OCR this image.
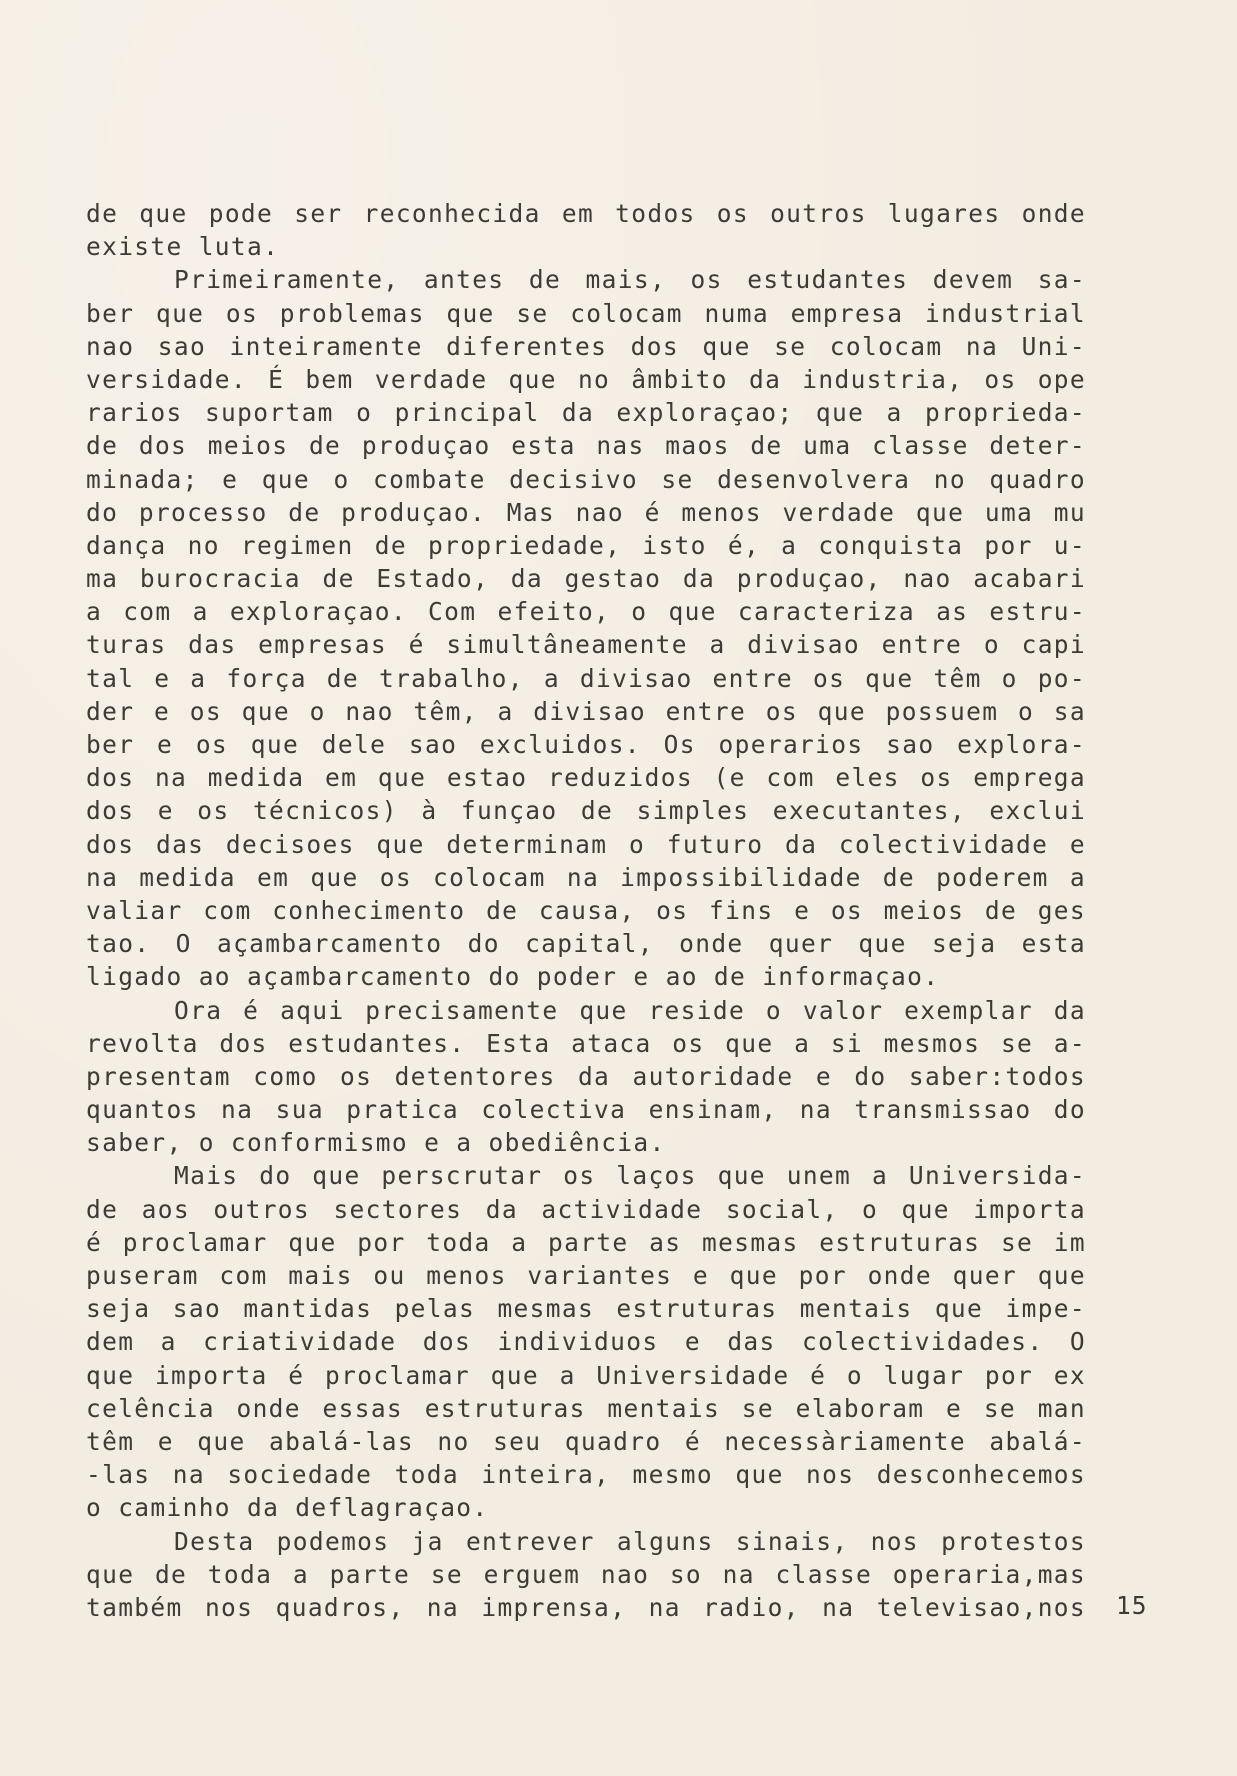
de que pode ser reconhecida em todos os outros lugares onde
existe luta.
Primeiramente, antes de mais, os estudantes devem sa-
ber que os problemas que se colocam numa empresa industrial
nao sao inteiramente diferentes dos que se colocam na Uni-
versidade. É bem verdade que no âmbito da industria, os ope
rarios suportam o principal da exploraçao; que a proprieda-
de dos meios de produçao esta nas maos de uma classe deter-
minada; e que o combate decisivo se desenvolvera no quadro
do processo de produçao. Mas nao é menos verdade que uma mu
dança no regimen de propriedade, isto é, a conquista por u-
ma burocracia de Estado, da gestao da produçao, nao acabari
a com a exploraçao. Com efeito, o que caracteriza as estru-
turas das empresas é simultâneamente a divisao entre o capi
tal e a força de trabalho, a divisao entre os que têm o po-
der e os que o nao têm, a divisao entre os que possuem o sa
ber e os que dele sao excluidos. Os operarios sao explora-
dos na medida em que estao reduzidos (e com eles os emprega
dos e os técnicos) à funçao de simples executantes, exclui
dos das decisoes que determinam o futuro da colectividade e
na medida em que os colocam na impossibilidade de poderem a
valiar com conhecimento de causa, os fins e os meios de ges
tao. O açambarcamento do capital, onde quer que seja esta
ligado ao açambarcamento do poder e ao de informaçao.
Ora é aqui precisamente que reside o valor exemplar da
revolta dos estudantes. Esta ataca os que a si mesmos se a-
presentam como os detentores da autoridade e do saber:todos
quantos na sua pratica colectiva ensinam, na transmissao do
saber, o conformismo e a obediência.
Mais do que perscrutar os laços que unem a Universida-
de aos outros sectores da actividade social, o que importa
é proclamar que por toda a parte as mesmas estruturas se im
puseram com mais ou menos variantes e que por onde quer que
seja sao mantidas pelas mesmas estruturas mentais que impe-
dem a criatividade dos individuos e das colectividades. O
que importa é proclamar que a Universidade é o lugar por ex
celência onde essas estruturas mentais se elaboram e se man
têm e que abalá-las no seu quadro é necessàriamente abalá-
-las na sociedade toda inteira, mesmo que nos desconhecemos
o caminho da deflagraçao.
Desta podemos ja entrever alguns sinais, nos protestos
que de toda a parte se erguem nao so na classe operaria,mas
também nos quadros, na imprensa, na radio, na televisao,nos 15
